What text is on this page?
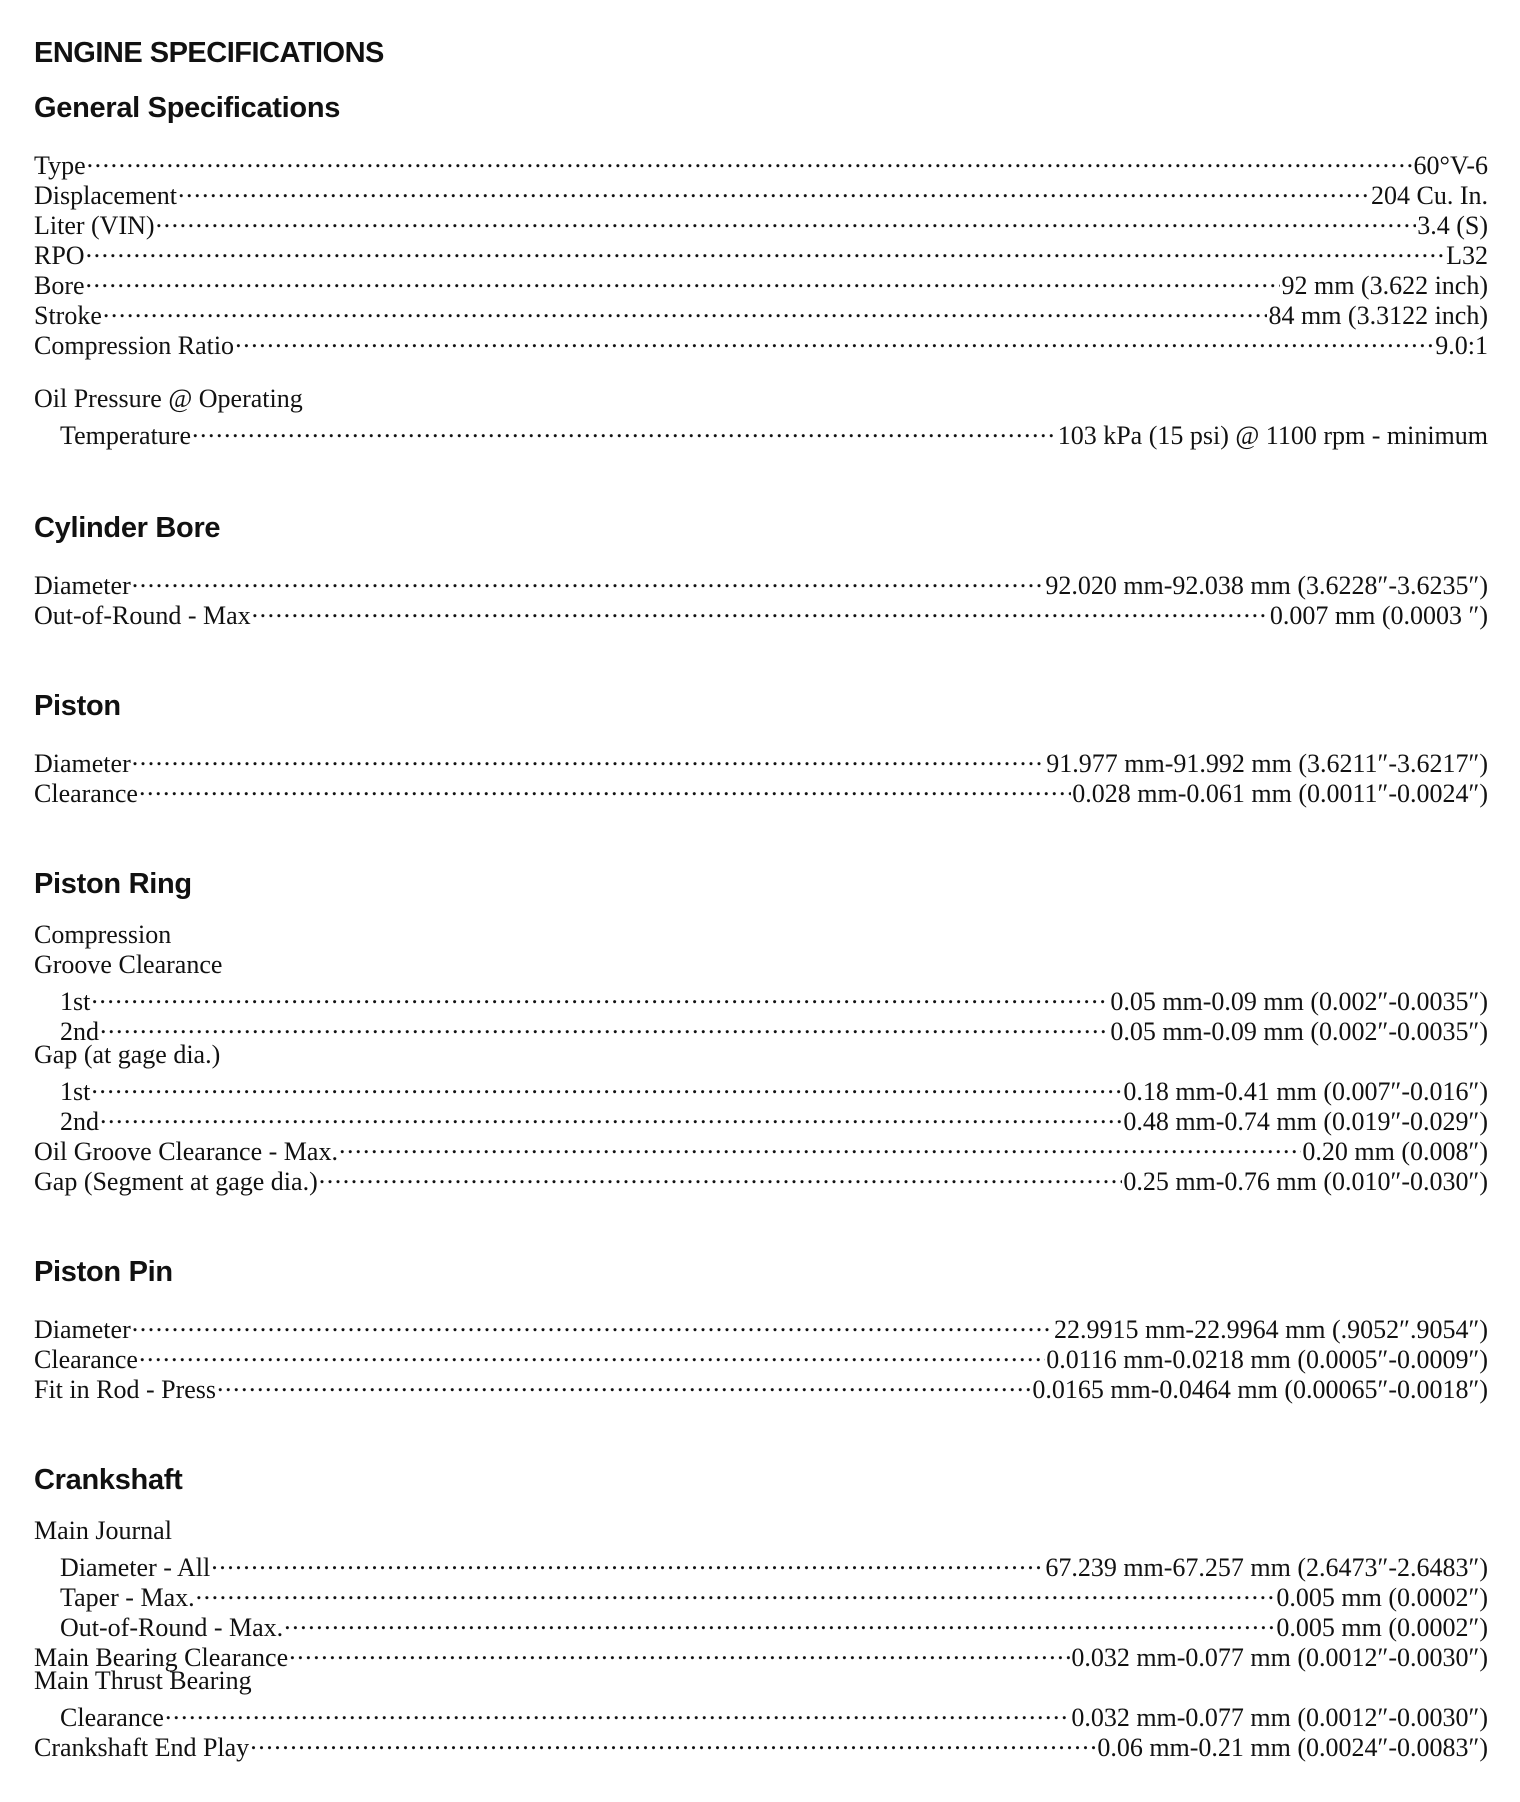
ENGINE SPECIFICATIONS
General Specifications
Type .....	60°V-6
Displacement .....	204 Cu. In.
Liter (VIN) .....	3.4 (S)
RPO .....	L32
Bore .....	92 mm (3.622 inch)
Stroke .....	84 mm (3.3122 inch)
Compression Ratio .....	9.0:1
Oil Pressure @ Operating
Temperature .....	103 kPa (15 psi) @ 1100 rpm - minimum
Cylinder Bore
Diameter .....	92.020 mm-92.038 mm (3.6228″-3.6235″)
Out-of-Round - Max .....	0.007 mm (0.0003 ″)
Piston
Diameter .....	91.977 mm-91.992 mm (3.6211″-3.6217″)
Clearance .....	0.028 mm-0.061 mm (0.0011″-0.0024″)
Piston Ring
Compression
Groove Clearance
1st .....	0.05 mm-0.09 mm (0.002″-0.0035″)
2nd .....	0.05 mm-0.09 mm (0.002″-0.0035″)
Gap (at gage dia.)
1st .....	0.18 mm-0.41 mm (0.007″-0.016″)
2nd .....	0.48 mm-0.74 mm (0.019″-0.029″)
Oil Groove Clearance - Max. .....	0.20 mm (0.008″)
Gap (Segment at gage dia.) .....	0.25 mm-0.76 mm (0.010″-0.030″)
Piston Pin
Diameter .....	22.9915 mm-22.9964 mm (.9052″.9054″)
Clearance .....	0.0116 mm-0.0218 mm (0.0005″-0.0009″)
Fit in Rod - Press .....	0.0165 mm-0.0464 mm (0.00065″-0.0018″)
Crankshaft
Main Journal
Diameter - All .....	67.239 mm-67.257 mm (2.6473″-2.6483″)
Taper - Max. .....	0.005 mm (0.0002″)
Out-of-Round - Max. .....	0.005 mm (0.0002″)
Main Bearing Clearance .....	0.032 mm-0.077 mm (0.0012″-0.0030″)
Main Thrust Bearing
Clearance .....	0.032 mm-0.077 mm (0.0012″-0.0030″)
Crankshaft End Play .....	0.06 mm-0.21 mm (0.0024″-0.0083″)
